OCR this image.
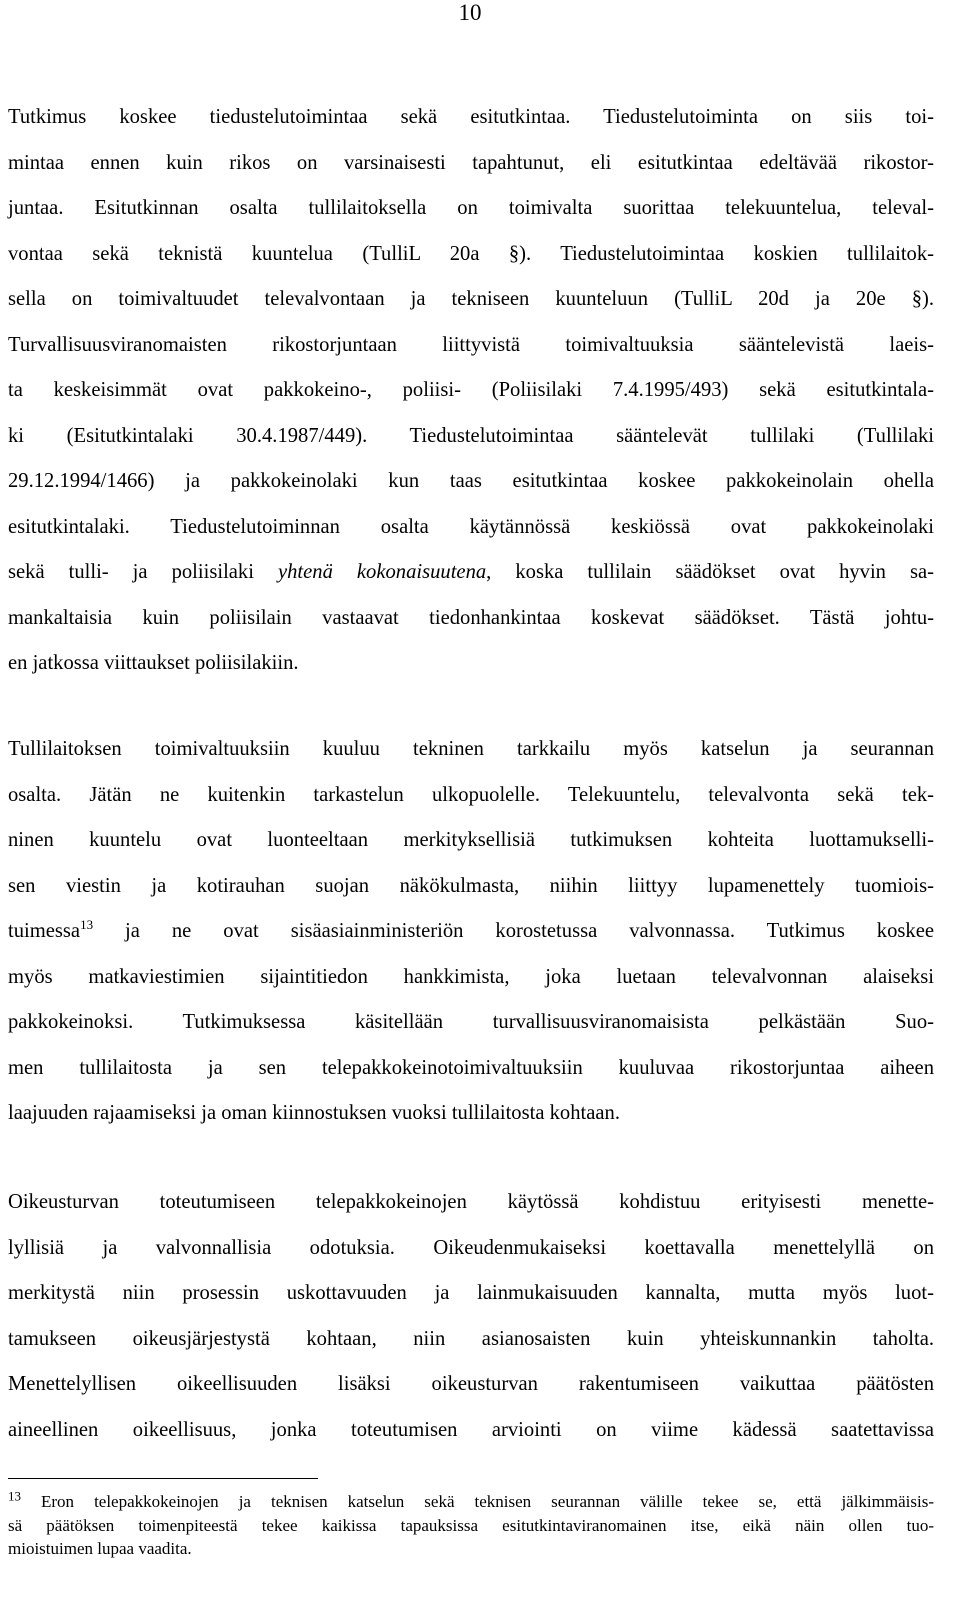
10

Tutkimus koskee tiedustelutoimintaa sekä esitutkintaa. Tiedustelutoiminta on siis toi-
mintaa ennen kuin rikos on varsinaisesti tapahtunut, eli esitutkintaa edeltävää rikostor-
juntaa. Esitutkinnan osalta tullilaitoksella on toimivalta suorittaa telekuuntelua, televal-
vontaa sekä teknistä kuuntelua (TulliL 20a §). Tiedustelutoimintaa koskien tullilaitok-
sella on toimivaltuudet televalvontaan ja tekniseen kuunteluun (TulliL 20d ja 20e §).
Turvallisuusviranomaisten rikostorjuntaan liittyvistä toimivaltuuksia sääntelevistä laeis-
ta keskeisimmät ovat pakkokeino-, poliisi- (Poliisilaki 7.4.1995/493) sekä esitutkintala-
ki (Esitutkintalaki 30.4.1987/449). Tiedustelutoimintaa sääntelevät tullilaki (Tullilaki
29.12.1994/1466) ja pakkokeinolaki kun taas esitutkintaa koskee pakkokeinolain ohella
esitutkintalaki. Tiedustelutoiminnan osalta käytännössä keskiössä ovat pakkokeinolaki
sekä tulli- ja poliisilaki yhtenä kokonaisuutena, koska tullilain säädökset ovat hyvin sa-
mankaltaisia kuin poliisilain vastaavat tiedonhankintaa koskevat säädökset. Tästä johtu-
en jatkossa viittaukset poliisilakiin.

Tullilaitoksen toimivaltuuksiin kuuluu tekninen tarkkailu myös katselun ja seurannan
osalta. Jätän ne kuitenkin tarkastelun ulkopuolelle. Telekuuntelu, televalvonta sekä tek-
ninen kuuntelu ovat luonteeltaan merkityksellisiä tutkimuksen kohteita luottamukselli-
sen viestin ja kotirauhan suojan näkökulmasta, niihin liittyy lupamenettely tuomiois-
tuimessa$^{13}$ ja ne ovat sisäasiainministeriön korostetussa valvonnassa. Tutkimus koskee
myös matkaviestimien sijaintitiedon hankkimista, joka luetaan televalvonnan alaiseksi
pakkokeinoksi. Tutkimuksessa käsitellään turvallisuusviranomaisista pelkästään Suo-
men tullilaitosta ja sen telepakkokeinotoimivaltuuksiin kuuluvaa rikostorjuntaa aiheen
laajuuden rajaamiseksi ja oman kiinnostuksen vuoksi tullilaitosta kohtaan.

Oikeusturvan toteutumiseen telepakkokeinojen käytössä kohdistuu erityisesti menette-
lyllisiä ja valvonnallisia odotuksia. Oikeudenmukaiseksi koettavalla menettelyllä on
merkitystä niin prosessin uskottavuuden ja lainmukaisuuden kannalta, mutta myös luot-
tamukseen oikeusjärjestystä kohtaan, niin asianosaisten kuin yhteiskunnankin taholta.
Menettelyllisen oikeellisuuden lisäksi oikeusturvan rakentumiseen vaikuttaa päätösten
aineellinen oikeellisuus, jonka toteutumisen arviointi on viime kädessä saatettavissa

$^{13}$ Eron telepakkokeinojen ja teknisen katselun sekä teknisen seurannan välille tekee se, että jälkimmäisis-
sä päätöksen toimenpiteestä tekee kaikissa tapauksissa esitutkintaviranomainen itse, eikä näin ollen tuo-
mioistuimen lupaa vaadita.
